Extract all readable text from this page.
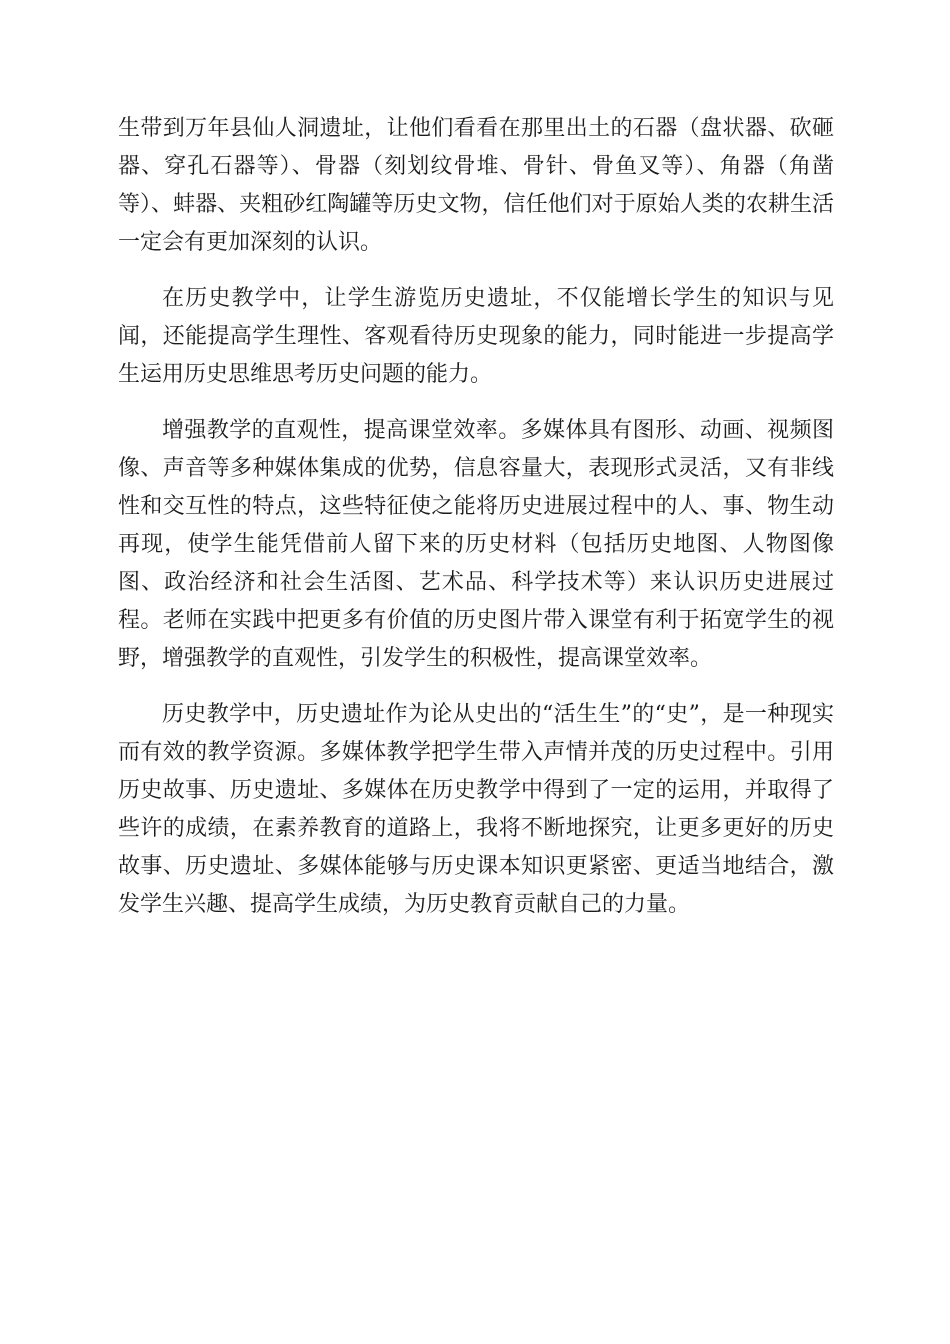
生带到万年县仙人洞遗址，让他们看看在那里出土的石器（盘状器、砍砸器、穿孔石器等）、骨器（刻划纹骨堆、骨针、骨鱼叉等）、角器（角凿等）、蚌器、夹粗砂红陶罐等历史文物，信任他们对于原始人类的农耕生活一定会有更加深刻的认识。

在历史教学中，让学生游览历史遗址，不仅能增长学生的知识与见闻，还能提高学生理性、客观看待历史现象的能力，同时能进一步提高学生运用历史思维思考历史问题的能力。

增强教学的直观性，提高课堂效率。多媒体具有图形、动画、视频图像、声音等多种媒体集成的优势，信息容量大，表现形式灵活，又有非线性和交互性的特点，这些特征使之能将历史进展过程中的人、事、物生动再现，使学生能凭借前人留下来的历史材料（包括历史地图、人物图像图、政治经济和社会生活图、艺术品、科学技术等）来认识历史进展过程。老师在实践中把更多有价值的历史图片带入课堂有利于拓宽学生的视野，增强教学的直观性，引发学生的积极性，提高课堂效率。

历史教学中，历史遗址作为论从史出的“活生生”的“史”，是一种现实而有效的教学资源。多媒体教学把学生带入声情并茂的历史过程中。引用历史故事、历史遗址、多媒体在历史教学中得到了一定的运用，并取得了些许的成绩，在素养教育的道路上，我将不断地探究，让更多更好的历史故事、历史遗址、多媒体能够与历史课本知识更紧密、更适当地结合，激发学生兴趣、提高学生成绩，为历史教育贡献自己的力量。
